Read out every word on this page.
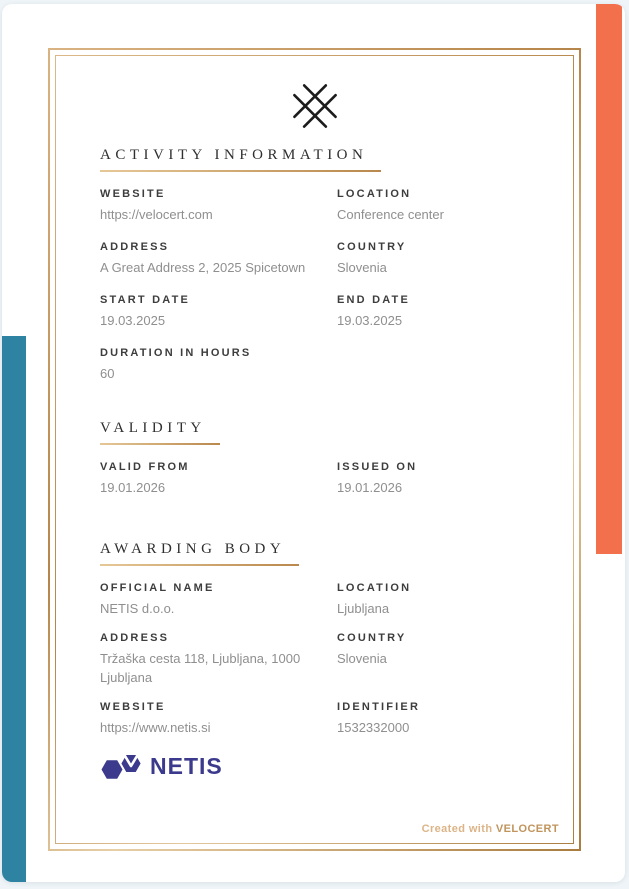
ACTIVITY INFORMATION
WEBSITE
https://velocert.com
LOCATION
Conference center
ADDRESS
A Great Address 2, 2025 Spicetown
COUNTRY
Slovenia
START DATE
19.03.2025
END DATE
19.03.2025
DURATION IN HOURS
60
VALIDITY
VALID FROM
19.01.2026
ISSUED ON
19.01.2026
AWARDING BODY
OFFICIAL NAME
NETIS d.o.o.
LOCATION
Ljubljana
ADDRESS
Tržaška cesta 118, Ljubljana, 1000 Ljubljana
COUNTRY
Slovenia
WEBSITE
https://www.netis.si
IDENTIFIER
1532332000
NETIS
Created with VELOCERT
